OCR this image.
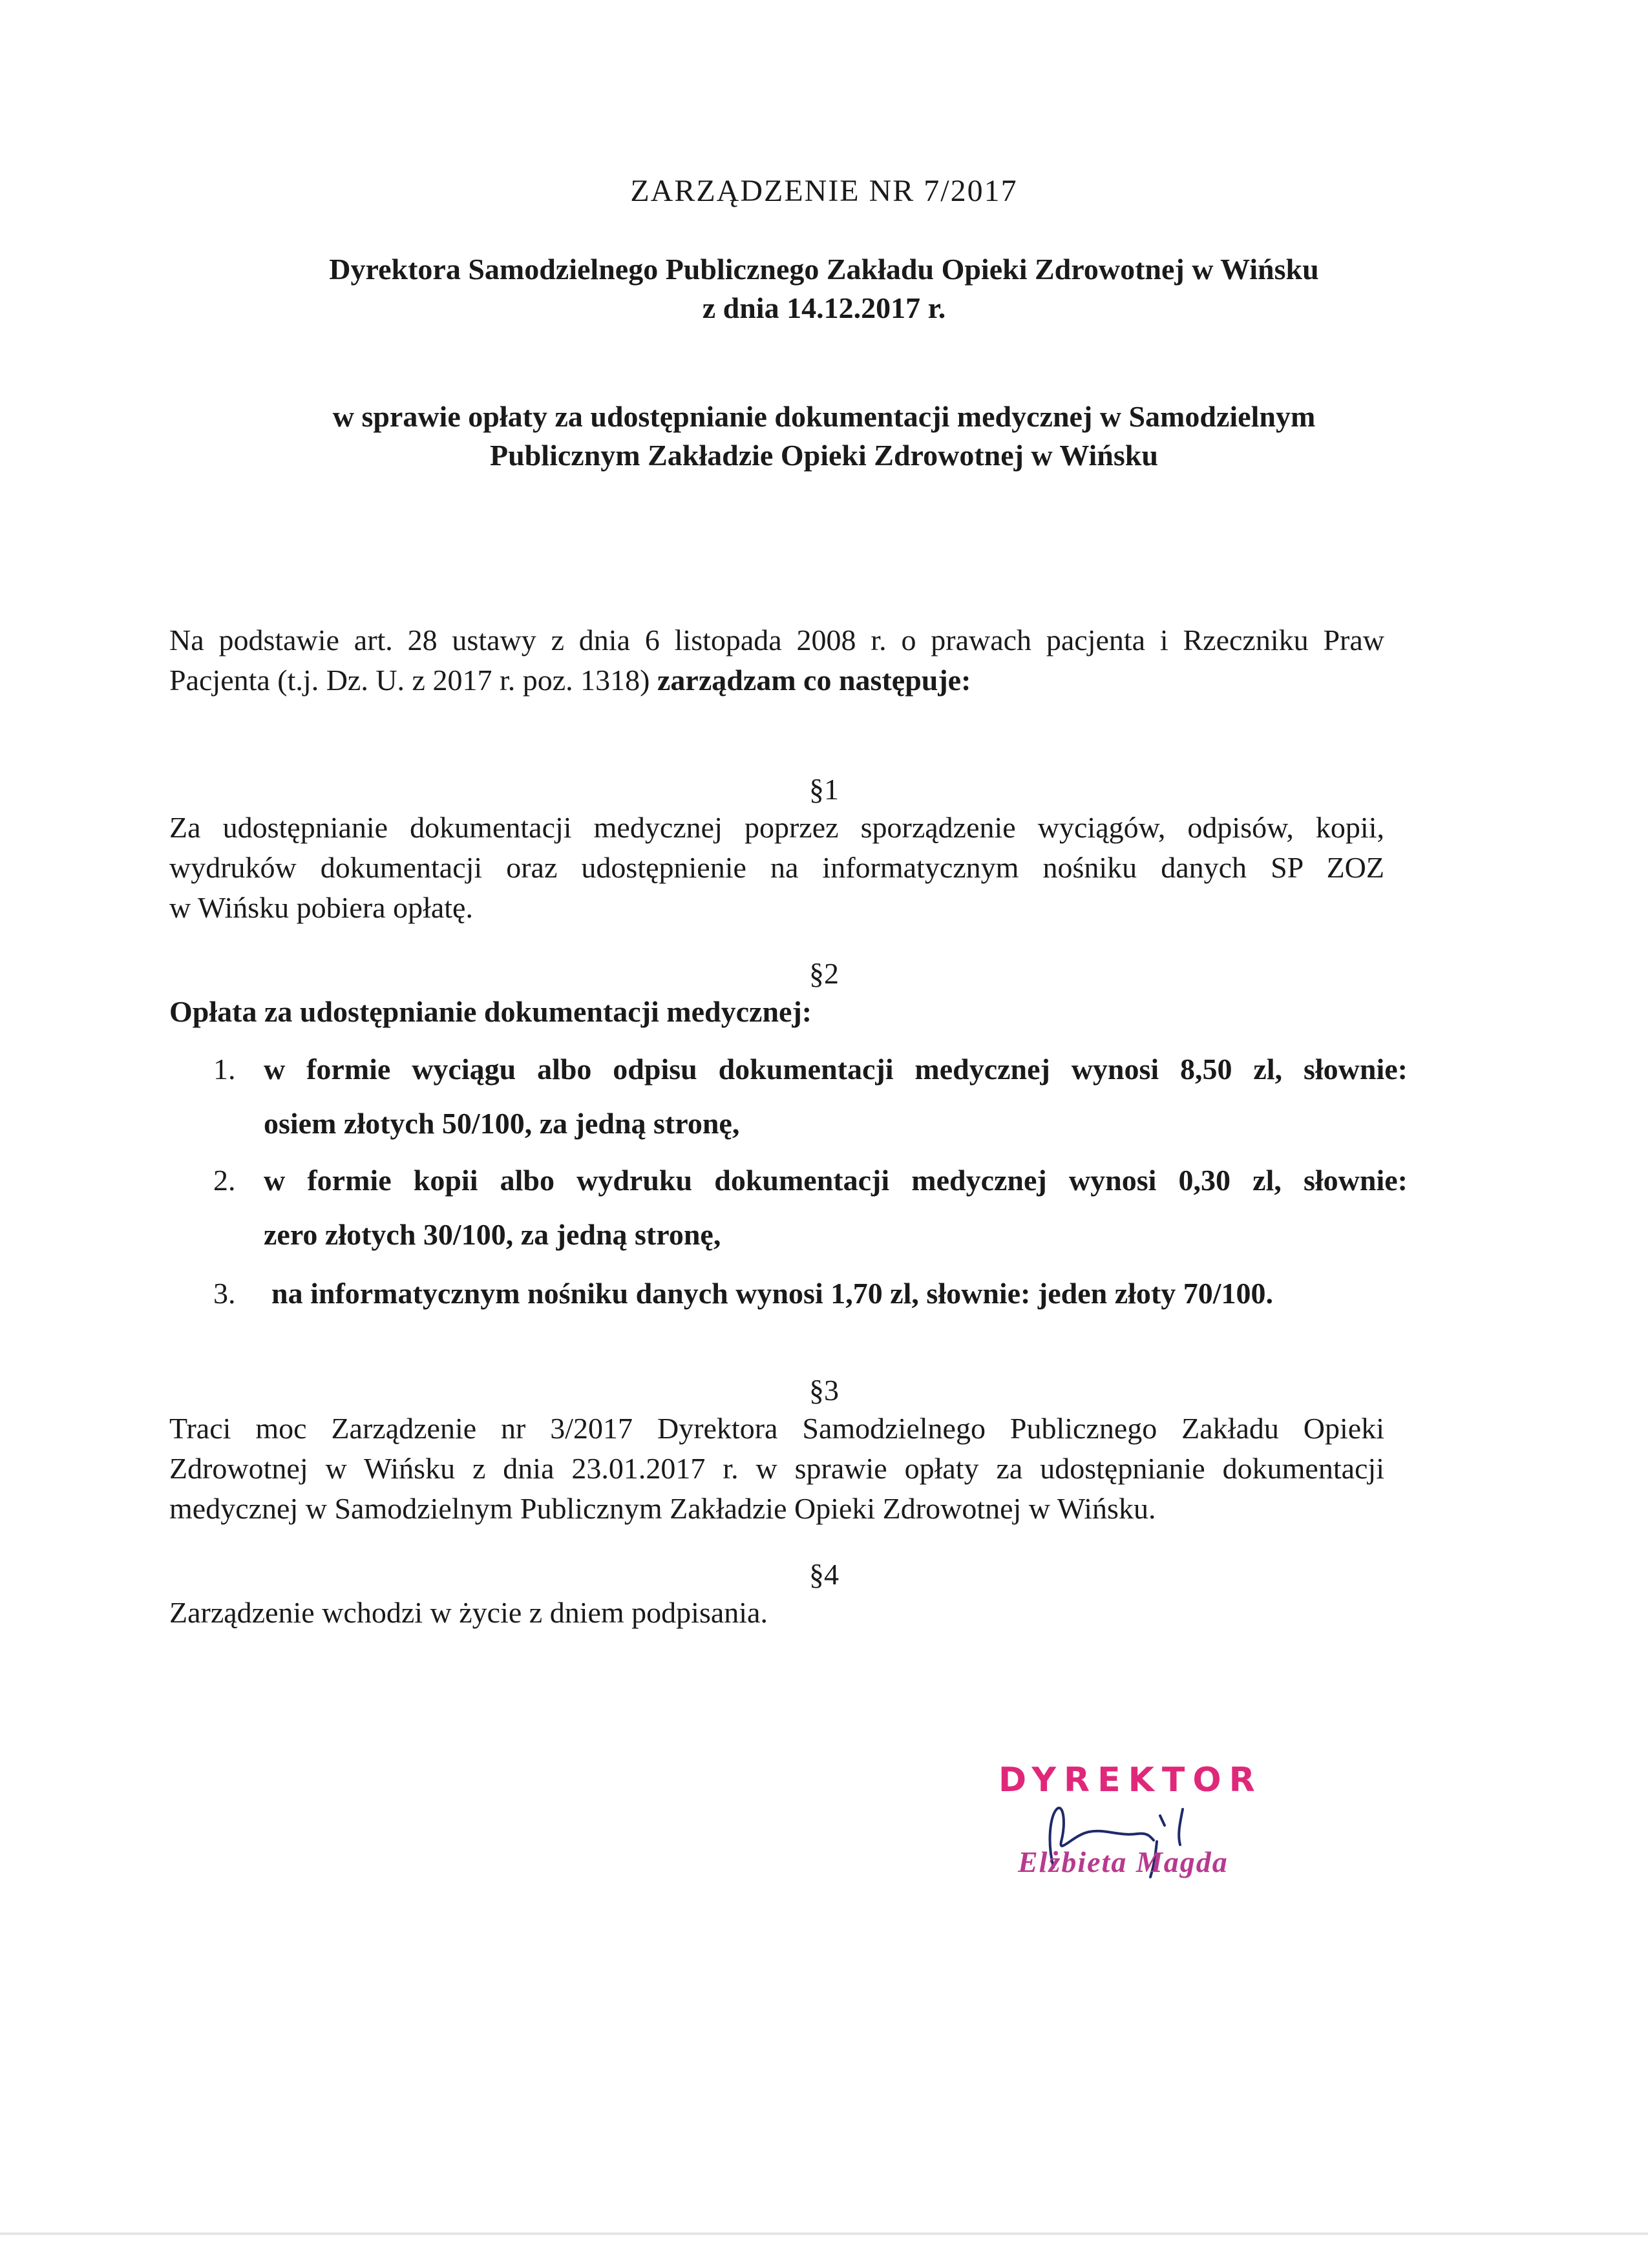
ZARZĄDZENIE NR 7/2017
Dyrektora Samodzielnego Publicznego Zakładu Opieki Zdrowotnej w Wińsku
z dnia 14.12.2017 r.
w sprawie opłaty za udostępnianie dokumentacji medycznej w Samodzielnym
Publicznym Zakładzie Opieki Zdrowotnej w Wińsku
Na podstawie art. 28 ustawy z dnia 6 listopada 2008 r. o prawach pacjenta i Rzeczniku Praw
Pacjenta (t.j. Dz. U. z 2017 r. poz. 1318) zarządzam co następuje:
§1
Za udostępnianie dokumentacji medycznej poprzez sporządzenie wyciągów, odpisów, kopii,
wydruków dokumentacji oraz udostępnienie na informatycznym nośniku danych SP ZOZ
w Wińsku pobiera opłatę.
§2
Opłata za udostępnianie dokumentacji medycznej:
1. w formie wyciągu albo odpisu dokumentacji medycznej wynosi 8,50 zl, słownie:
osiem złotych 50/100, za jedną stronę,
2. w formie kopii albo wydruku dokumentacji medycznej wynosi 0,30 zl, słownie:
zero złotych 30/100, za jedną stronę,
3. na informatycznym nośniku danych wynosi 1,70 zl, słownie: jeden złoty 70/100.
§3
Traci moc Zarządzenie nr 3/2017 Dyrektora Samodzielnego Publicznego Zakładu Opieki
Zdrowotnej w Wińsku z dnia 23.01.2017 r. w sprawie opłaty za udostępnianie dokumentacji
medycznej w Samodzielnym Publicznym Zakładzie Opieki Zdrowotnej w Wińsku.
§4
Zarządzenie wchodzi w życie z dniem podpisania.
DYREKTOR
Elżbieta Magda
